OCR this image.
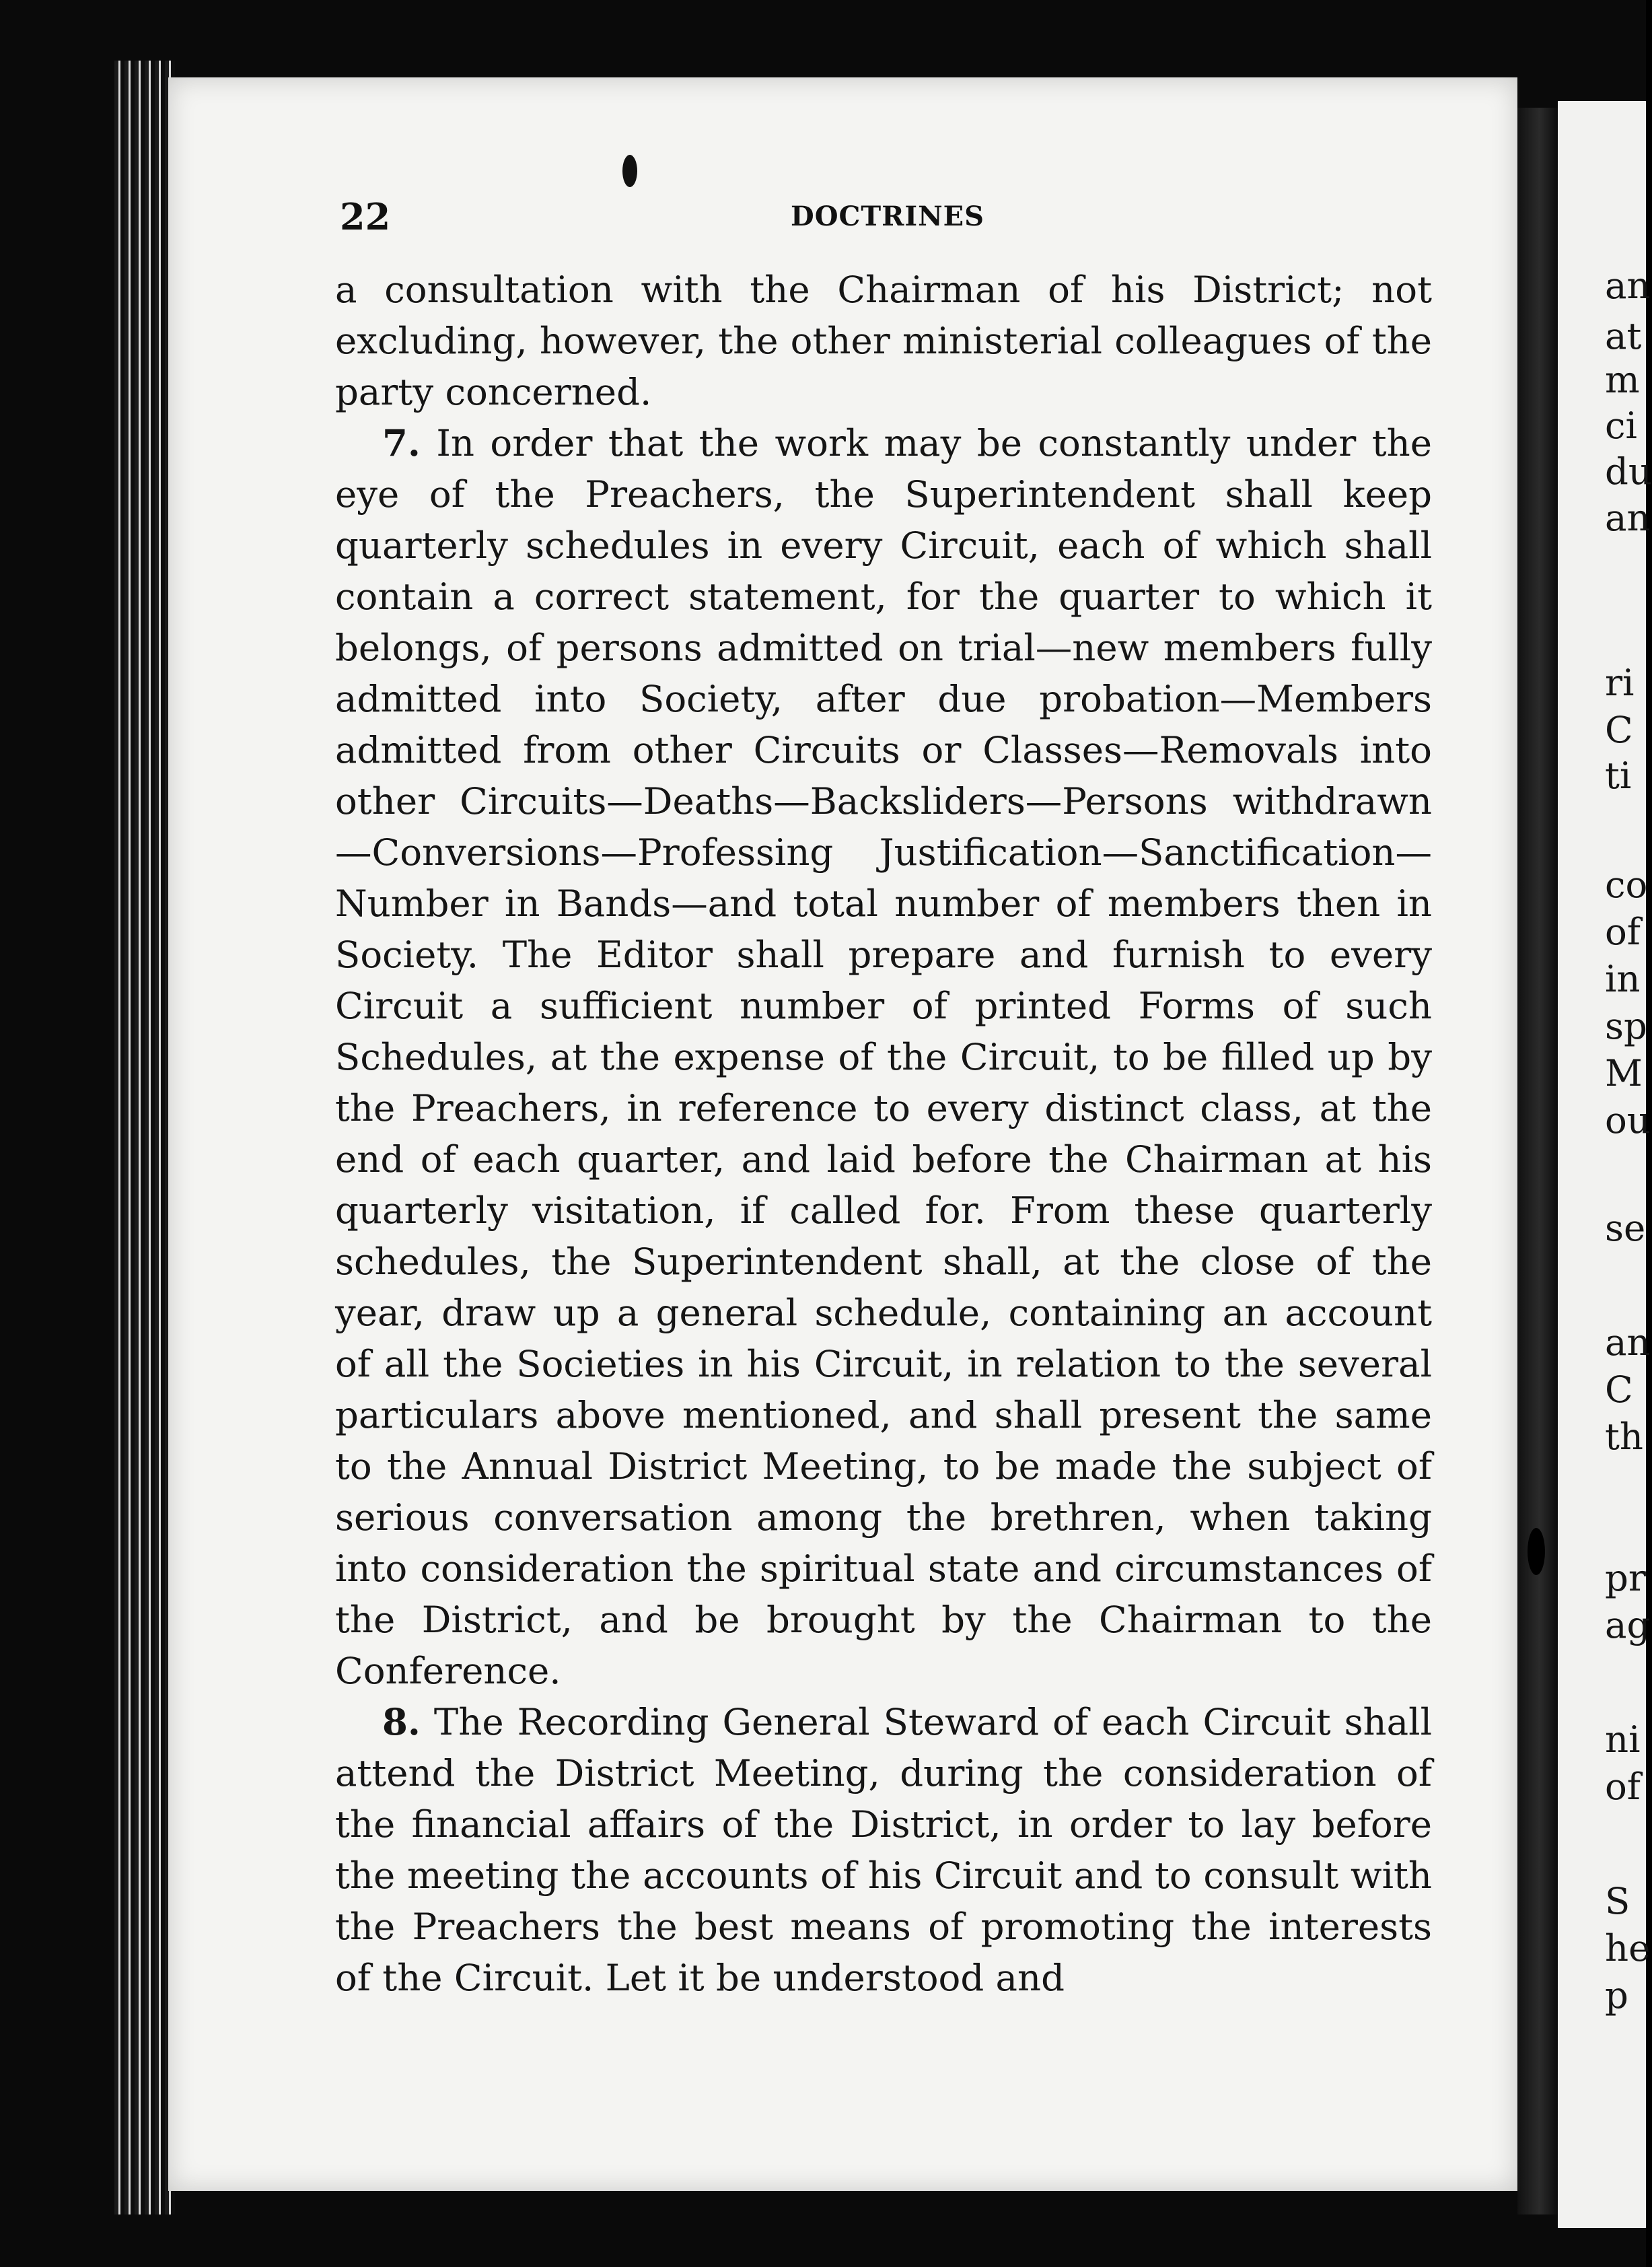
22	DOCTRINES

a consultation with the Chairman of his District; not excluding, however, the other ministerial colleagues of the party concerned.

7. In order that the work may be constantly under the eye of the Preachers, the Superintendent shall keep quarterly schedules in every Circuit, each of which shall contain a correct statement, for the quarter to which it belongs, of persons admitted on trial—new members fully admitted into Society, after due probation—Members admitted from other Circuits or Classes—Removals into other Circuits—Deaths—Backsliders—Persons withdrawn—Conversions—Professing Justification—Sanctification—Number in Bands—and total number of members then in Society. The Editor shall prepare and furnish to every Circuit a sufficient number of printed Forms of such Schedules, at the expense of the Circuit, to be filled up by the Preachers, in reference to every distinct class, at the end of each quarter, and laid before the Chairman at his quarterly visitation, if called for. From these quarterly schedules, the Superintendent shall, at the close of the year, draw up a general schedule, containing an account of all the Societies in his Circuit, in relation to the several particulars above mentioned, and shall present the same to the Annual District Meeting, to be made the subject of serious conversation among the brethren, when taking into consideration the spiritual state and circumstances of the District, and be brought by the Chairman to the Conference.

8. The Recording General Steward of each Circuit shall attend the District Meeting, during the consideration of the financial affairs of the District, in order to lay before the meeting the accounts of his Circuit and to consult with the Preachers the best means of promoting the interests of the Circuit. Let it be understood and

an
at
m
ci
du
an
ri
C
ti
co
of
in
sp
M
ou
se
an
C
th
pr
ag
ni
of
S
he
p
